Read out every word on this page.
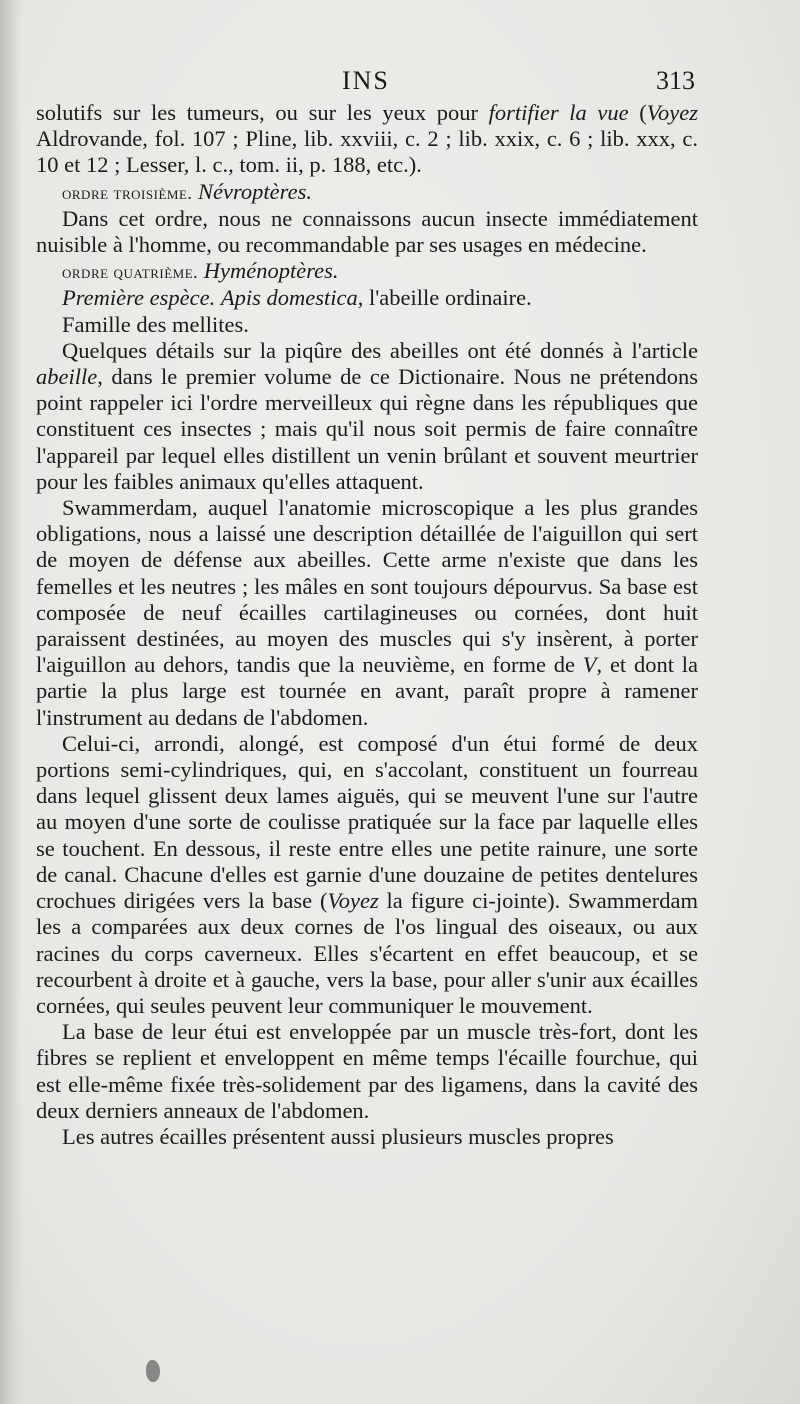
INS	313

solutifs sur les tumeurs, ou sur les yeux pour fortifier la vue (Voyez Aldrovande, fol. 107 ; Pline, lib. xxviii, c. 2 ; lib. xxix, c. 6 ; lib. xxx, c. 10 et 12 ; Lesser, l. c., tom. ii, p. 188, etc.).

ordre troisième. Névroptères.

Dans cet ordre, nous ne connaissons aucun insecte immédiatement nuisible à l'homme, ou recommandable par ses usages en médecine.

ordre quatrième. Hyménoptères.

Première espèce. Apis domestica, l'abeille ordinaire.

Famille des mellites.

Quelques détails sur la piqûre des abeilles ont été donnés à l'article abeille, dans le premier volume de ce Dictionaire. Nous ne prétendons point rappeler ici l'ordre merveilleux qui règne dans les républiques que constituent ces insectes ; mais qu'il nous soit permis de faire connaître l'appareil par lequel elles distillent un venin brûlant et souvent meurtrier pour les faibles animaux qu'elles attaquent.

Swammerdam, auquel l'anatomie microscopique a les plus grandes obligations, nous a laissé une description détaillée de l'aiguillon qui sert de moyen de défense aux abeilles. Cette arme n'existe que dans les femelles et les neutres ; les mâles en sont toujours dépourvus. Sa base est composée de neuf écailles cartilagineuses ou cornées, dont huit paraissent destinées, au moyen des muscles qui s'y insèrent, à porter l'aiguillon au dehors, tandis que la neuvième, en forme de V, et dont la partie la plus large est tournée en avant, paraît propre à ramener l'instrument au dedans de l'abdomen.

Celui-ci, arrondi, alongé, est composé d'un étui formé de deux portions semi-cylindriques, qui, en s'accolant, constituent un fourreau dans lequel glissent deux lames aiguës, qui se meuvent l'une sur l'autre au moyen d'une sorte de coulisse pratiquée sur la face par laquelle elles se touchent. En dessous, il reste entre elles une petite rainure, une sorte de canal. Chacune d'elles est garnie d'une douzaine de petites dentelures crochues dirigées vers la base (Voyez la figure ci-jointe). Swammerdam les a comparées aux deux cornes de l'os lingual des oiseaux, ou aux racines du corps caverneux. Elles s'écartent en effet beaucoup, et se recourbent à droite et à gauche, vers la base, pour aller s'unir aux écailles cornées, qui seules peuvent leur communiquer le mouvement.

La base de leur étui est enveloppée par un muscle très-fort, dont les fibres se replient et enveloppent en même temps l'écaille fourchue, qui est elle-même fixée très-solidement par des ligamens, dans la cavité des deux derniers anneaux de l'abdomen.

Les autres écailles présentent aussi plusieurs muscles propres
